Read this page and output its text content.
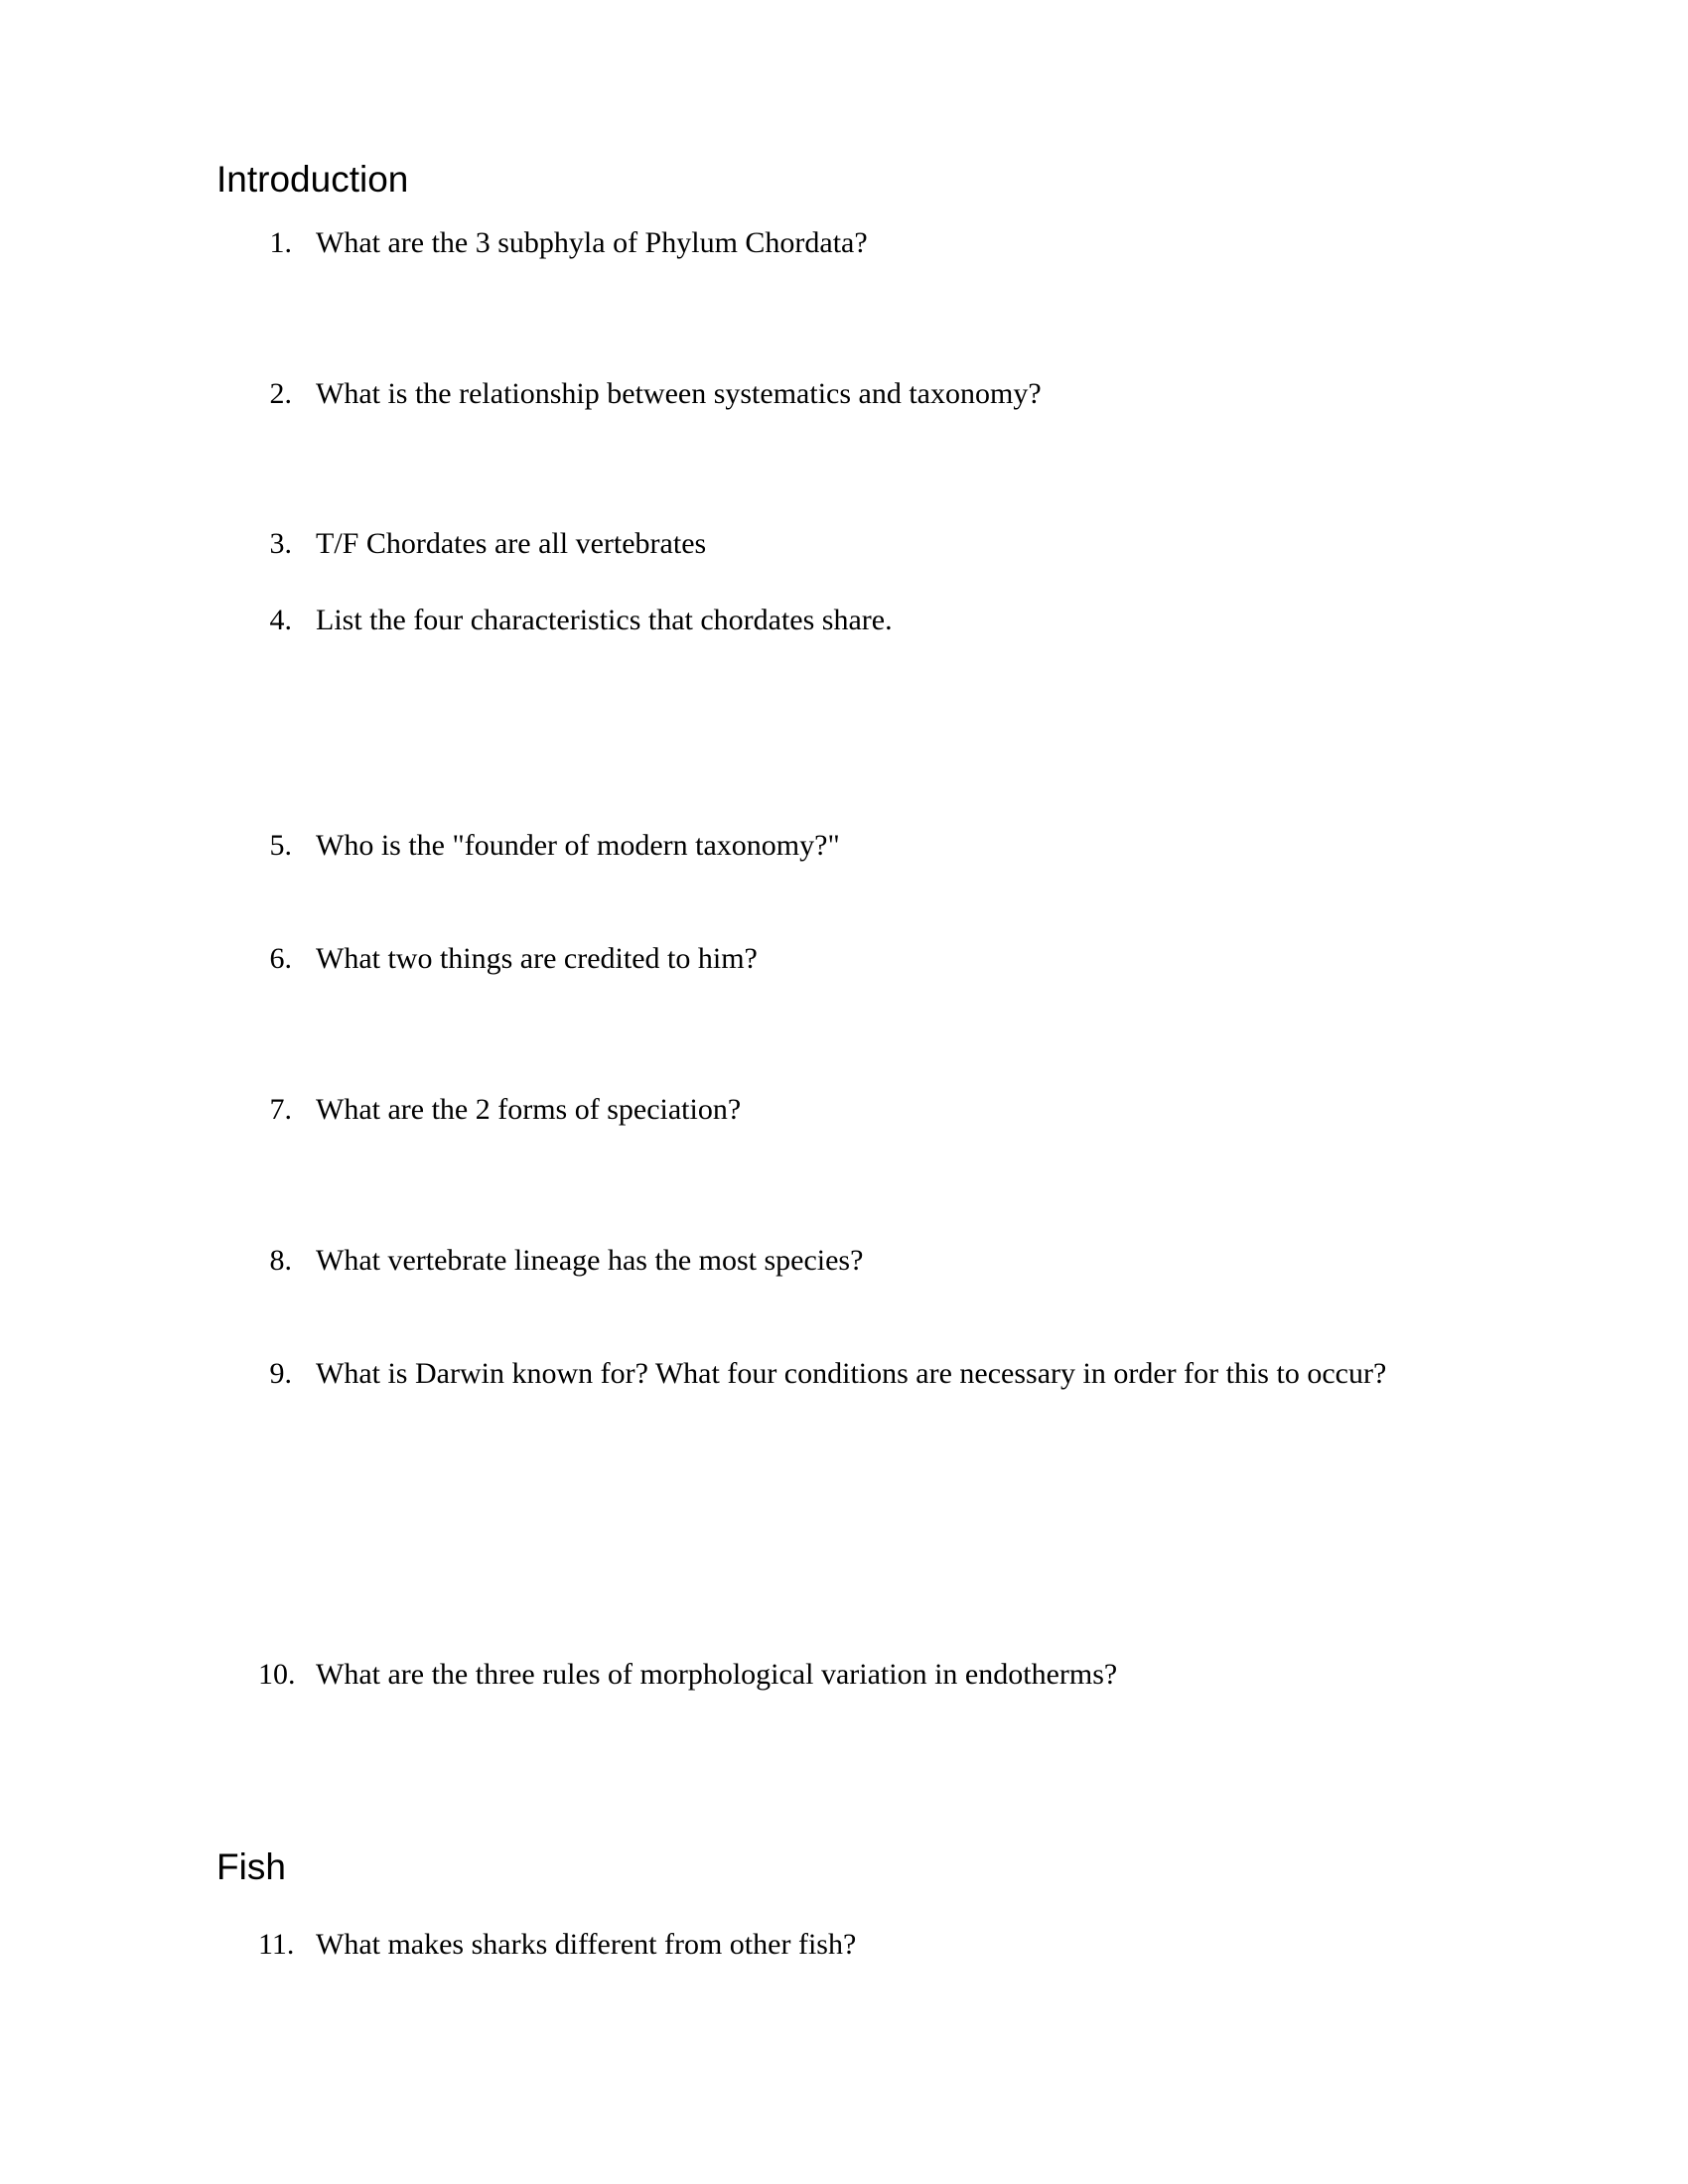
Introduction
1. What are the 3 subphyla of Phylum Chordata?
2. What is the relationship between systematics and taxonomy?
3. T/F Chordates are all vertebrates
4. List the four characteristics that chordates share.
5. Who is the "founder of modern taxonomy?"
6. What two things are credited to him?
7. What are the 2 forms of speciation?
8. What vertebrate lineage has the most species?
9. What is Darwin known for? What four conditions are necessary in order for this to occur?
10. What are the three rules of morphological variation in endotherms?
Fish
11. What makes sharks different from other fish?
